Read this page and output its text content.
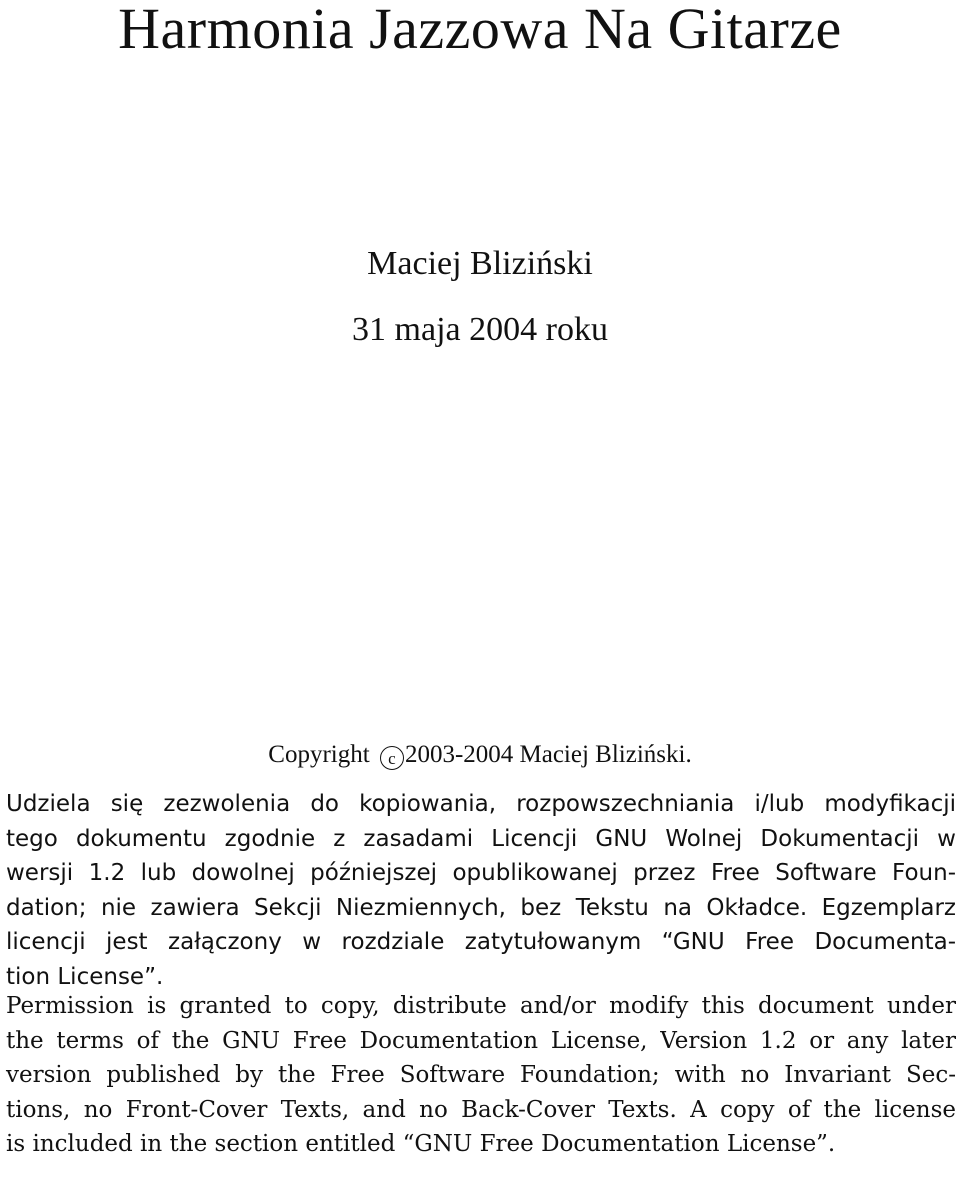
Harmonia Jazzowa Na Gitarze
Maciej Bliziński
31 maja 2004 roku
Copyright c 2003-2004 Maciej Bliziński.
Udziela się zezwolenia do kopiowania, rozpowszechniania i/lub modyfikacji
tego dokumentu zgodnie z zasadami Licencji GNU Wolnej Dokumentacji w
wersji 1.2 lub dowolnej późniejszej opublikowanej przez Free Software Foun-
dation; nie zawiera Sekcji Niezmiennych, bez Tekstu na Okładce. Egzemplarz
licencji jest załączony w rozdziale zatytułowanym “GNU Free Documenta-
tion License”.
Permission is granted to copy, distribute and/or modify this document under
the terms of the GNU Free Documentation License, Version 1.2 or any later
version published by the Free Software Foundation; with no Invariant Sec-
tions, no Front-Cover Texts, and no Back-Cover Texts. A copy of the license
is included in the section entitled “GNU Free Documentation License”.
